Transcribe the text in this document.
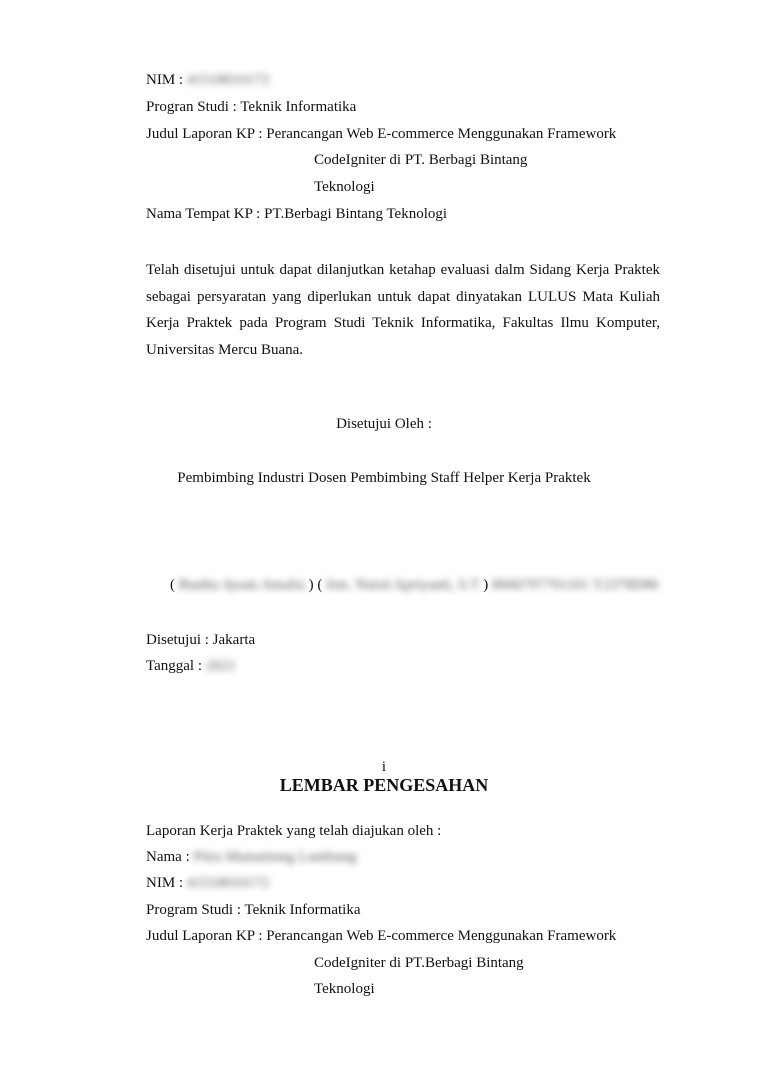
NIM : 41518010172
Progran Studi : Teknik Informatika
Judul Laporan KP : Perancangan Web E-commerce Menggunakan Framework
CodeIgniter di PT. Berbagi Bintang
Teknologi
Nama Tempat KP : PT.Berbagi Bintang Teknologi
Telah disetujui untuk dapat dilanjutkan ketahap evaluasi dalm Sidang Kerja Praktek sebagai persyaratan yang diperlukan untuk dapat dinyatakan LULUS Mata Kuliah Kerja Praktek pada Program Studi Teknik Informatika, Fakultas Ilmu Komputer, Universitas Mercu Buana.
Disetujui Oleh :
Pembimbing Industri Dosen Pembimbing Staff Helper Kerja Praktek
( Bunbu Ayum Amalia ) ( Irm. Nurul Apriyanti, S.T ) 8666797791101 Y2378D86
Disetujui : Jakarta
Tanggal : 2021
i
LEMBAR PENGESAHAN
Laporan Kerja Praktek yang telah diajukan oleh :
Nama : Pitra Manuntung Lumbung
NIM : 41518010172
Program Studi : Teknik Informatika
Judul Laporan KP : Perancangan Web E-commerce Menggunakan Framework
CodeIgniter di PT.Berbagi Bintang
Teknologi
